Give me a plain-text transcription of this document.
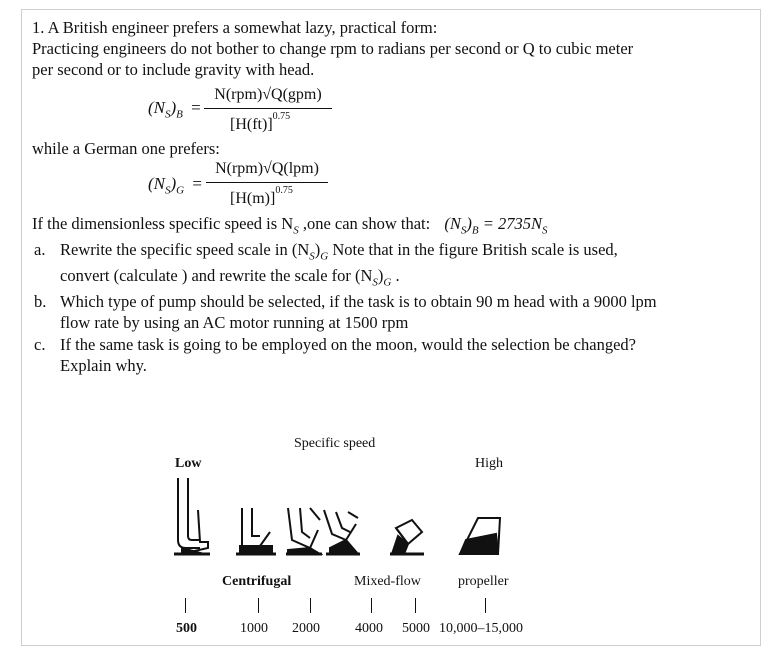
1. A British engineer prefers a somewhat lazy, practical form:
Practicing engineers do not bother to change rpm to radians per second or Q to cubic meter
per second or to include gravity with head.
$(N_S)_B$ =
N(rpm)√Q(gpm)
$[H(ft)]^{0.75}$
while a German one prefers:
$(N_S)_G$ =
N(rpm)√Q(lpm)
$[H(m)]^{0.75}$
If the dimensionless specific speed is $N_S$ ,one can show that: $(N_S)_B = 2735N_S$
a. Rewrite the specific speed scale in $(N_S)_G$ Note that in the figure British scale is used,
convert (calculate ) and rewrite the scale for $(N_S)_G$ .
b. Which type of pump should be selected, if the task is to obtain 90 m head with a 9000 lpm
flow rate by using an AC motor running at 1500 rpm
c. If the same task is going to be employed on the moon, would the selection be changed?
Explain why.
Specific speed
Low	High
Centrifugal	Mixed-flow	propeller
500	1000 2000	4000 5000 10,000–15,000
